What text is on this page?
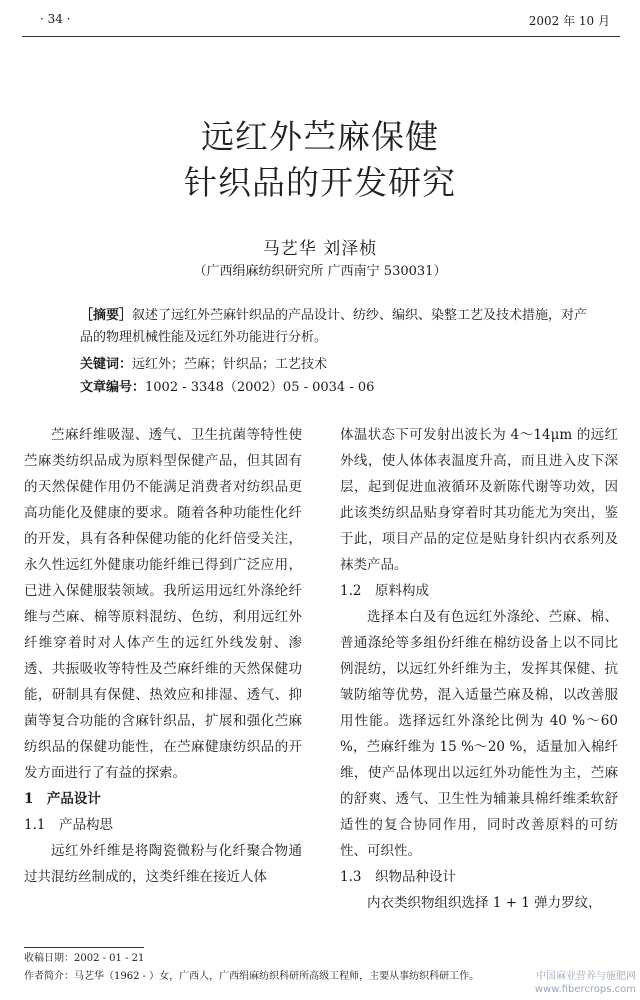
· 34 ·	2002 年 10 月
远红外苎麻保健
针织品的开发研究
马艺华 刘泽桢
（广西绢麻纺织研究所 广西南宁 530031）
［摘要］叙述了远红外苎麻针织品的产品设计、纺纱、编织、染整工艺及技术措施，对产品的物理机械性能及远红外功能进行分析。
关键词：远红外；苎麻；针织品；工艺技术
文章编号：1002 - 3348（2002）05 - 0034 - 06

苎麻纤维吸湿、透气、卫生抗菌等特性使苎麻类纺织品成为原料型保健产品，但其固有的天然保健作用仍不能满足消费者对纺织品更高功能化及健康的要求。随着各种功能性化纤的开发，具有各种保健功能的化纤倍受关注，永久性远红外健康功能纤维已得到广泛应用，已进入保健服装领域。我所运用远红外涤纶纤维与苎麻、棉等原料混纺、色纺，利用远红外纤维穿着时对人体产生的远红外线发射、渗透、共振吸收等特性及苎麻纤维的天然保健功能，研制具有保健、热效应和排湿、透气、抑菌等复合功能的含麻针织品，扩展和强化苎麻纺织品的保健功能性，在苎麻健康纺织品的开发方面进行了有益的探索。

1　产品设计

1.1　产品构思

远红外纤维是将陶瓷微粉与化纤聚合物通过共混纺丝制成的，这类纤维在接近人体

体温状态下可发射出波长为 4～14μm 的远红外线，使人体体表温度升高，而且进入皮下深层，起到促进血液循环及新陈代谢等功效，因此该类纺织品贴身穿着时其功能尤为突出，鉴于此，项目产品的定位是贴身针织内衣系列及袜类产品。

1.2　原料构成

选择本白及有色远红外涤纶、苎麻、棉、普通涤纶等多组份纤维在棉纺设备上以不同比例混纺，以远红外纤维为主，发挥其保健、抗皱防缩等优势，混入适量苎麻及棉，以改善服用性能。选择远红外涤纶比例为 40 %～60 %，苎麻纤维为 15 %～20 %，适量加入棉纤维，使产品体现出以远红外功能性为主，苎麻的舒爽、透气、卫生性为辅兼具棉纤维柔软舒适性的复合协同作用，同时改善原料的可纺性、可织性。

1.3　织物品种设计

内衣类织物组织选择 1 + 1 弹力罗纹，

收稿日期：2002 - 01 - 21
作者简介：马艺华（1962 - ）女，广西人，广西绢麻纺织科研所高级工程师，主要从事纺织科研工作。	中国麻业营养与施肥网
www.fibercrops.com
